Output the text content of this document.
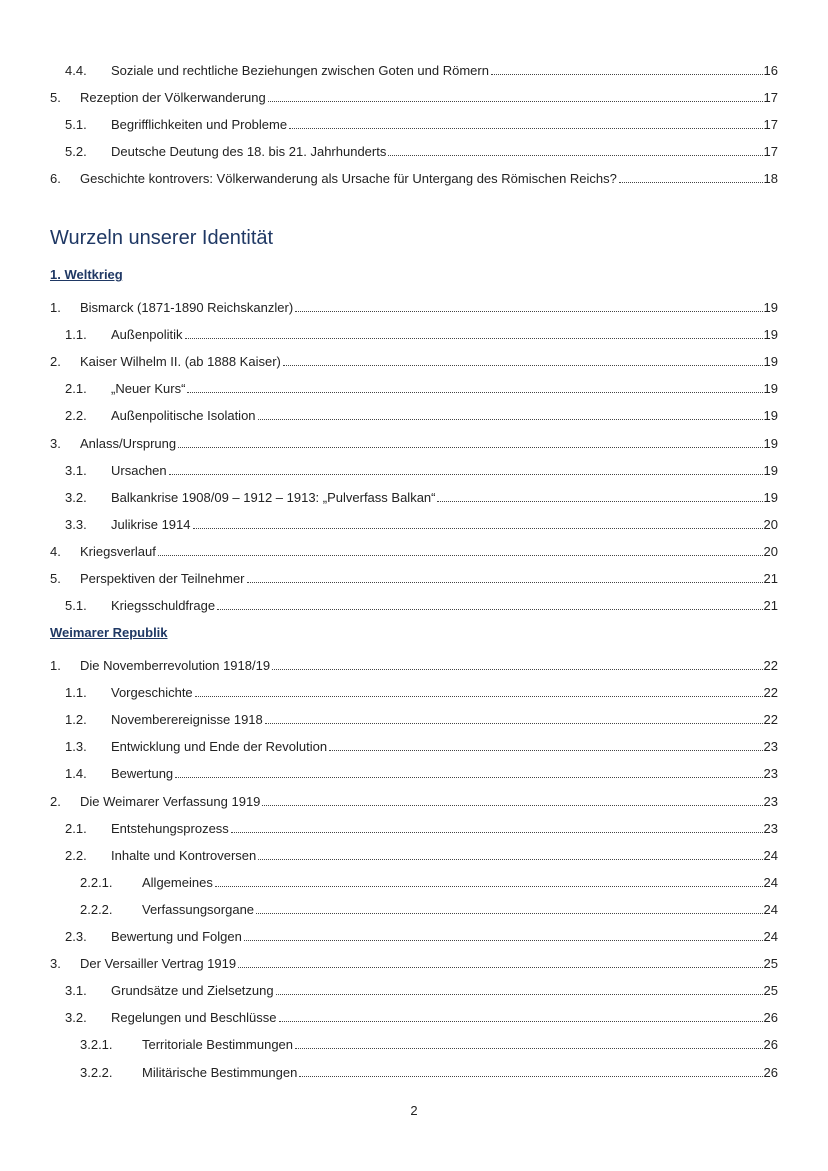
4.4.	Soziale und rechtliche Beziehungen zwischen Goten und Römern	16
5.	Rezeption der Völkerwanderung	17
5.1.	Begrifflichkeiten und Probleme	17
5.2.	Deutsche Deutung des 18. bis 21. Jahrhunderts	17
6.	Geschichte kontrovers: Völkerwanderung als Ursache für Untergang des Römischen Reichs?	18
Wurzeln unserer Identität
1. Weltkrieg
1.	Bismarck (1871-1890 Reichskanzler)	19
1.1.	Außenpolitik	19
2.	Kaiser Wilhelm II. (ab 1888 Kaiser)	19
2.1.	„Neuer Kurs“	19
2.2.	Außenpolitische Isolation	19
3.	Anlass/Ursprung	19
3.1.	Ursachen	19
3.2.	Balkankrise 1908/09 – 1912 – 1913: „Pulverfass Balkan“	19
3.3.	Julikrise 1914	20
4.	Kriegsverlauf	20
5.	Perspektiven der Teilnehmer	21
5.1.	Kriegsschuldfrage	21
Weimarer Republik
1.	Die Novemberrevolution 1918/19	22
1.1.	Vorgeschichte	22
1.2.	Novemberereignisse 1918	22
1.3.	Entwicklung und Ende der Revolution	23
1.4.	Bewertung	23
2.	Die Weimarer Verfassung 1919	23
2.1.	Entstehungsprozess	23
2.2.	Inhalte und Kontroversen	24
2.2.1.	Allgemeines	24
2.2.2.	Verfassungsorgane	24
2.3.	Bewertung und Folgen	24
3.	Der Versailler Vertrag 1919	25
3.1.	Grundsätze und Zielsetzung	25
3.2.	Regelungen und Beschlüsse	26
3.2.1.	Territoriale Bestimmungen	26
3.2.2.	Militärische Bestimmungen	26
2
